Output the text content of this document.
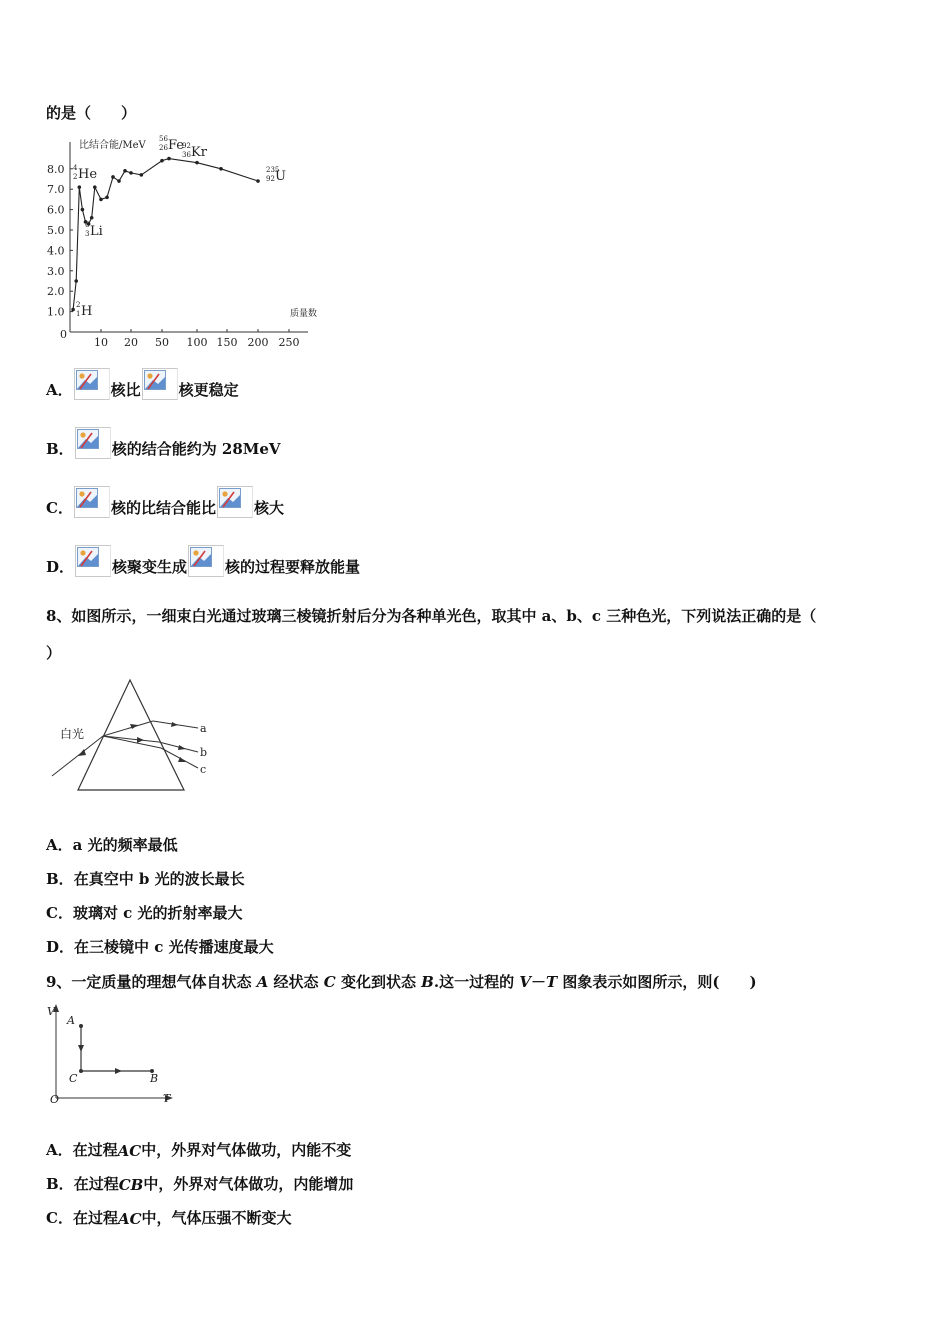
的是（　　）
0
1.0
2.0
3.0
4.0
5.0
6.0
7.0
8.0
10 20 50 100 150 200 250
比结合能/MeV
质量数
4
2 He
6
3 Li
2
1 H
56
26 Fe
92
36 Kr
235
92 U
A．	核比	核更稳定
B．	核的结合能约为 28MeV
C．	核的比结合能比	核大
D．	核聚变生成	核的过程要释放能量
8、如图所示，一细束白光通过玻璃三棱镜折射后分为各种单光色，取其中 a、b、c 三种色光，下列说法正确的是（
）
白光	a
b
c
A． a 光的频率最低
B． 在真空中 b 光的波长最长
C． 玻璃对 c 光的折射率最大
D． 在三棱镜中 c 光传播速度最大
9、一定质量的理想气体自状态 A 经状态 C 变化到状态 B.这一过程的 V－T 图象表示如图所示，则(　　)
V
T
O
A
C	B
A． 在过程 AC 中，外界对气体做功，内能不变
B． 在过程 CB 中，外界对气体做功，内能增加
C． 在过程 AC 中，气体压强不断变大
